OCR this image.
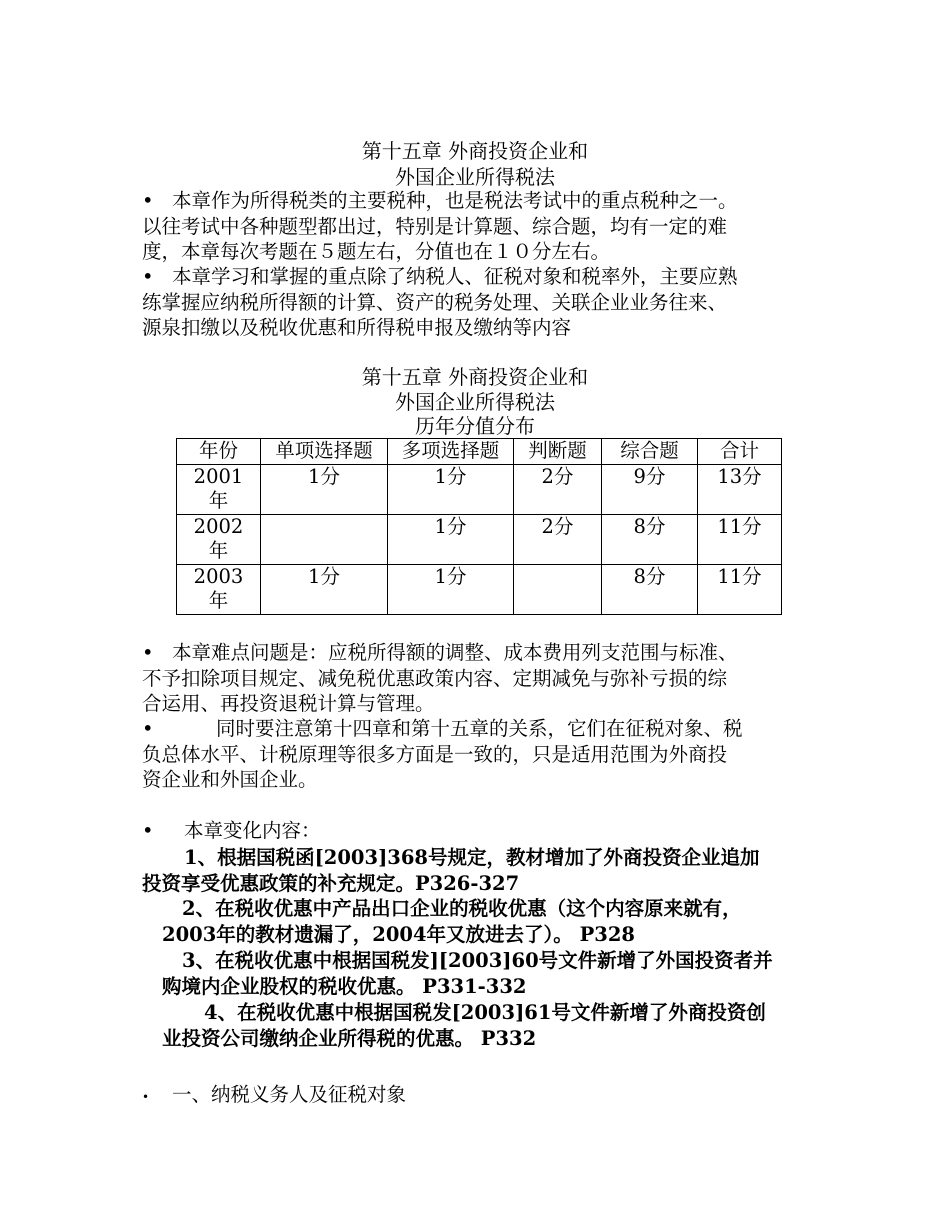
第十五章 外商投资企业和
外国企业所得税法
• 本章作为所得税类的主要税种，也是税法考试中的重点税种之一。
以往考试中各种题型都出过，特别是计算题、综合题，均有一定的难
度，本章每次考题在５题左右，分值也在１０分左右。
• 本章学习和掌握的重点除了纳税人、征税对象和税率外，主要应熟
练掌握应纳税所得额的计算、资产的税务处理、关联企业业务往来、
源泉扣缴以及税收优惠和所得税申报及缴纳等内容
第十五章 外商投资企业和
外国企业所得税法
历年分值分布
年份	单项选择题	多项选择题	判断题	综合题	合计
2001
年	1分	1分	2分	9分	13分
2002
年		1分	2分	8分	11分
2003
年	1分	1分		8分	11分
• 本章难点问题是：应税所得额的调整、成本费用列支范围与标准、
不予扣除项目规定、减免税优惠政策内容、定期减免与弥补亏损的综
合运用、再投资退税计算与管理。
•	同时要注意第十四章和第十五章的关系，它们在征税对象、税
负总体水平、计税原理等很多方面是一致的，只是适用范围为外商投
资企业和外国企业。
• 本章变化内容：
1、根据国税函[2003]368号规定，教材增加了外商投资企业追加
投资享受优惠政策的补充规定。P326-327
2、在税收优惠中产品出口企业的税收优惠（这个内容原来就有，
2003年的教材遗漏了，2004年又放进去了）。 P328
3、在税收优惠中根据国税发][2003]60号文件新增了外国投资者并
购境内企业股权的税收优惠。 P331-332
4、在税收优惠中根据国税发[2003]61号文件新增了外商投资创
业投资公司缴纳企业所得税的优惠。 P332
• 一、纳税义务人及征税对象
